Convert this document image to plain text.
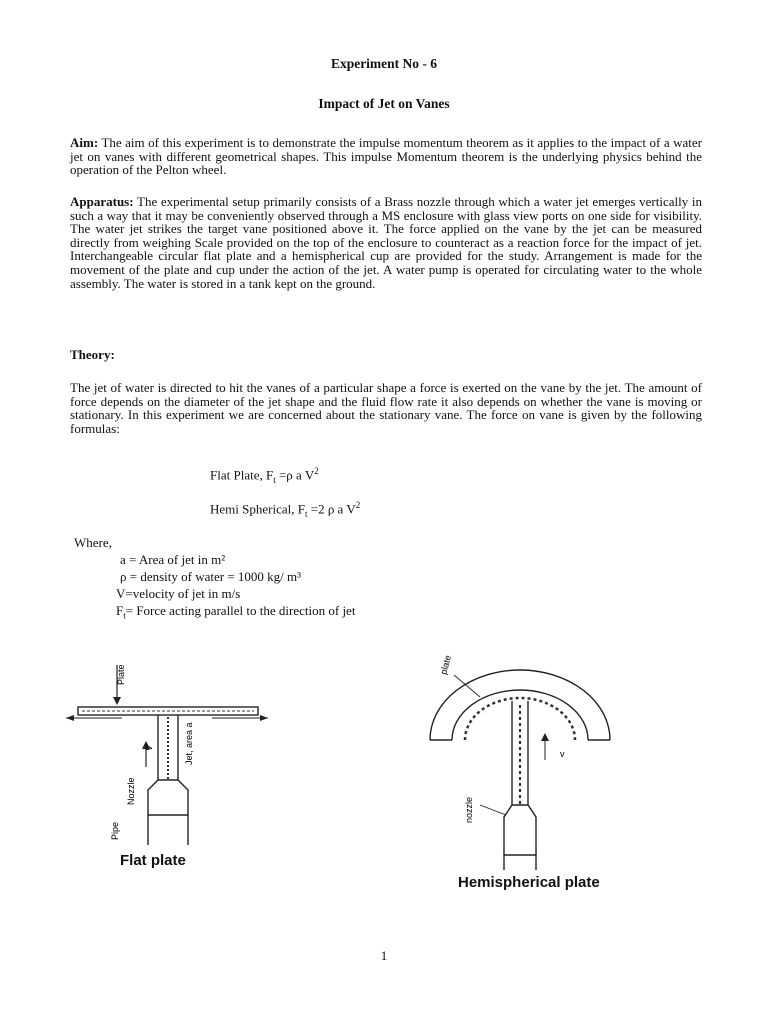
Experiment No - 6
Impact of Jet on Vanes
Aim: The aim of this experiment is to demonstrate the impulse momentum theorem as it applies to the impact of a water jet on vanes with different geometrical shapes. This impulse Momentum theorem is the underlying physics behind the operation of the Pelton wheel.
Apparatus: The experimental setup primarily consists of a Brass nozzle through which a water jet emerges vertically in such a way that it may be conveniently observed through a MS enclosure with glass view ports on one side for visibility. The water jet strikes the target vane positioned above it. The force applied on the vane by the jet can be measured directly from weighing Scale provided on the top of the enclosure to counteract as a reaction force for the impact of jet. Interchangeable circular flat plate and a hemispherical cup are provided for the study. Arrangement is made for the movement of the plate and cup under the action of the jet. A water pump is operated for circulating water to the whole assembly. The water is stored in a tank kept on the ground.
Theory:
The jet of water is directed to hit the vanes of a particular shape a force is exerted on the vane by the jet. The amount of force depends on the diameter of the jet shape and the fluid flow rate it also depends on whether the vane is moving or stationary. In this experiment we are concerned about the stationary vane. The force on vane is given by the following formulas:
Flat Plate, $F_t =\rho$ a $V^2$
Hemi Spherical, $F_t =2$ ρ a $V^2$
Where,
a = Area of jet in m²
ρ = density of water = 1000 kg/ m³
V=velocity of jet in m/s
$F_t=$ Force acting parallel to the direction of jet
Plate
V	Jet, area a
Nozzle
Pipe
Flat plate
plate
v
nozzle
Hemispherical plate
1
